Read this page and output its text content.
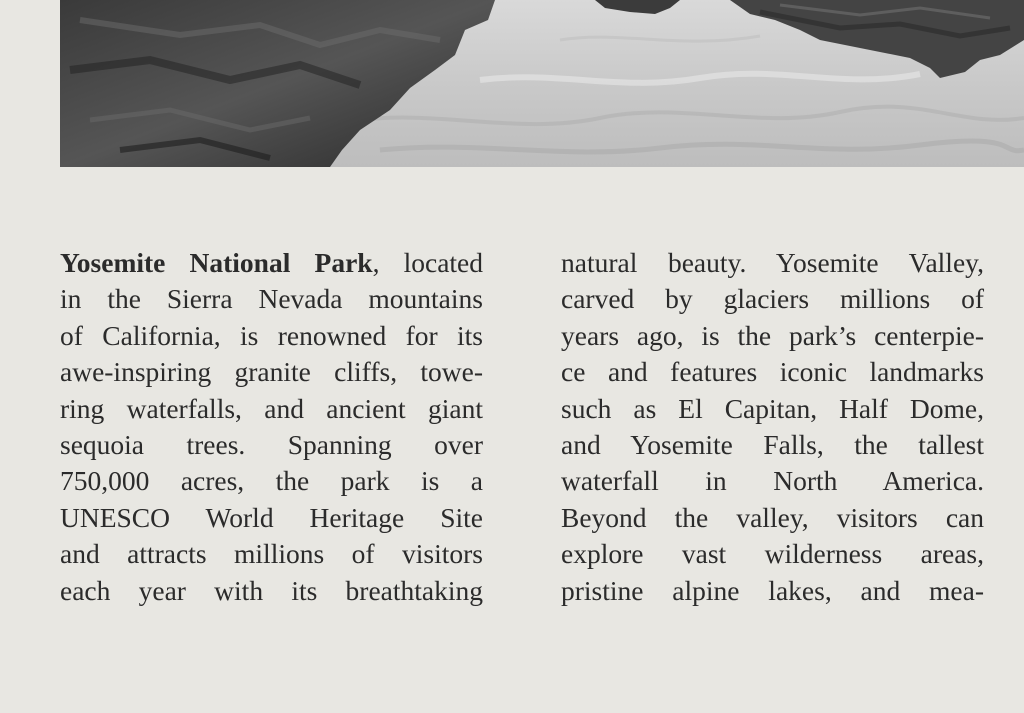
Yosemite National Park, located
in the Sierra Nevada mountains
of California, is renowned for its
awe-inspiring granite cliffs, towe-
ring waterfalls, and ancient giant
sequoia trees. Spanning over
750,000 acres, the park is a
UNESCO World Heritage Site
and attracts millions of visitors
each year with its breathtaking
natural beauty. Yosemite Valley,
carved by glaciers millions of
years ago, is the park’s centerpie-
ce and features iconic landmarks
such as El Capitan, Half Dome,
and Yosemite Falls, the tallest
waterfall in North America.
Beyond the valley, visitors can
explore vast wilderness areas,
pristine alpine lakes, and mea-
